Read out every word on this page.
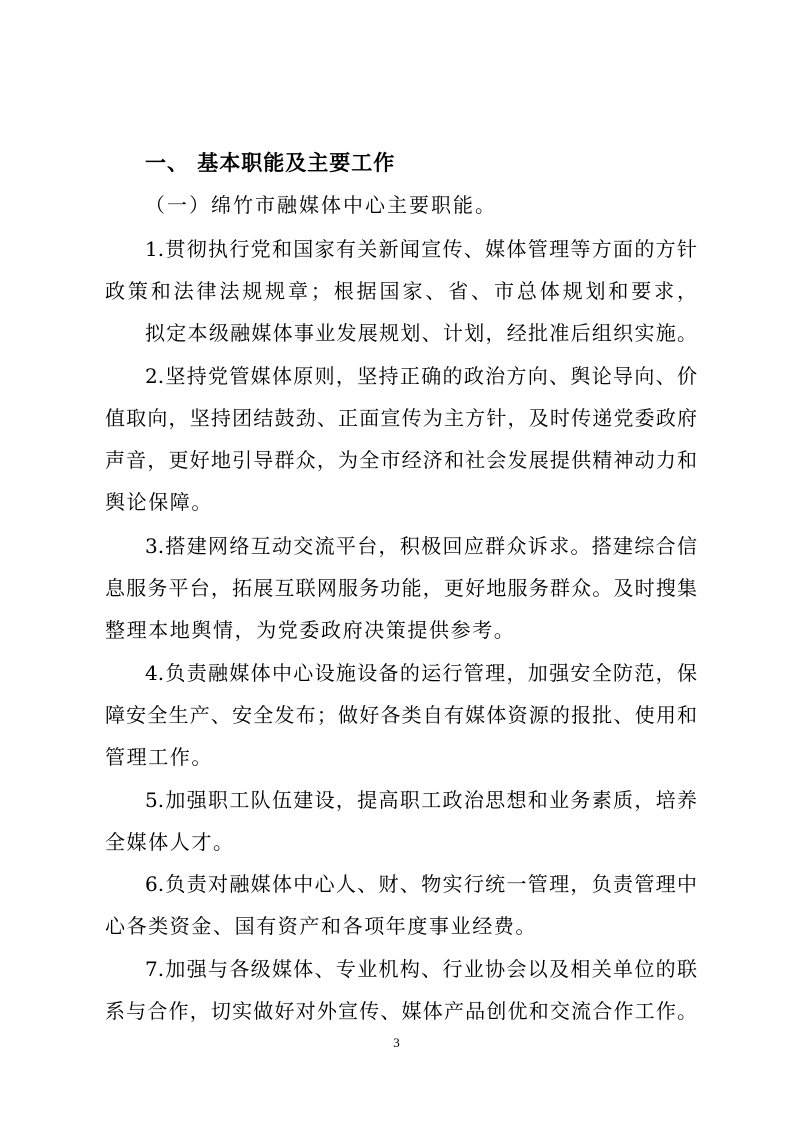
一、 基本职能及主要工作
（一）绵竹市融媒体中心主要职能。
1.贯彻执行党和国家有关新闻宣传、媒体管理等方面的方针
政策和法律法规规章；根据国家、省、市总体规划和要求，
拟定本级融媒体事业发展规划、计划，经批准后组织实施。
2.坚持党管媒体原则，坚持正确的政治方向、舆论导向、价
值取向，坚持团结鼓劲、正面宣传为主方针，及时传递党委政府
声音，更好地引导群众，为全市经济和社会发展提供精神动力和
舆论保障。
3.搭建网络互动交流平台，积极回应群众诉求。搭建综合信
息服务平台，拓展互联网服务功能，更好地服务群众。及时搜集
整理本地舆情，为党委政府决策提供参考。
4.负责融媒体中心设施设备的运行管理，加强安全防范，保
障安全生产、安全发布；做好各类自有媒体资源的报批、使用和
管理工作。
5.加强职工队伍建设，提高职工政治思想和业务素质，培养
全媒体人才。
6.负责对融媒体中心人、财、物实行统一管理，负责管理中
心各类资金、国有资产和各项年度事业经费。
7.加强与各级媒体、专业机构、行业协会以及相关单位的联
系与合作，切实做好对外宣传、媒体产品创优和交流合作工作。
3
